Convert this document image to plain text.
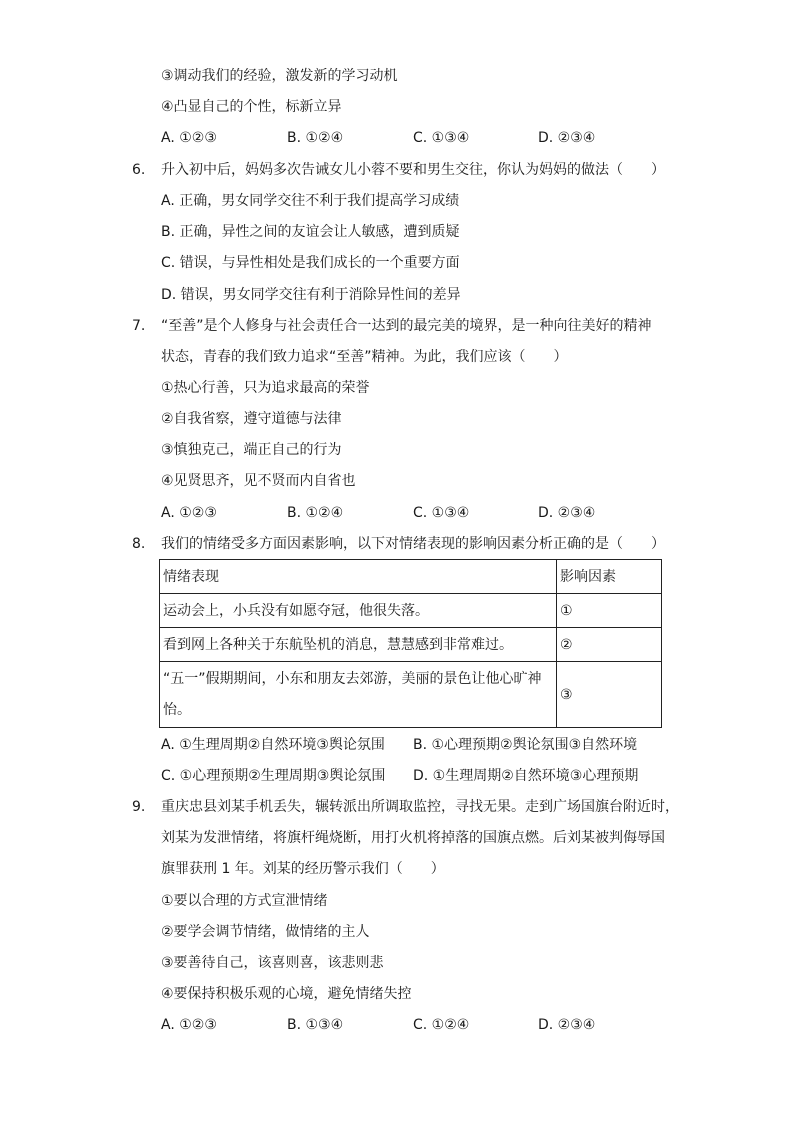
③调动我们的经验，激发新的学习动机
④凸显自己的个性，标新立异
A. ①②③	B. ①②④	C. ①③④	D. ②③④
6. 升入初中后，妈妈多次告诫女儿小蓉不要和男生交往，你认为妈妈的做法（　　）
A. 正确，男女同学交往不利于我们提高学习成绩
B. 正确，异性之间的友谊会让人敏感，遭到质疑
C. 错误，与异性相处是我们成长的一个重要方面
D. 错误，男女同学交往有利于消除异性间的差异
7. “至善”是个人修身与社会责任合一达到的最完美的境界，是一种向往美好的精神
状态，青春的我们致力追求“至善”精神。为此，我们应该（　　）
①热心行善，只为追求最高的荣誉
②自我省察，遵守道德与法律
③慎独克己，端正自己的行为
④见贤思齐，见不贤而内自省也
A. ①②③	B. ①②④	C. ①③④	D. ②③④
8. 我们的情绪受多方面因素影响，以下对情绪表现的影响因素分析正确的是（　　）
情绪表现	影响因素
运动会上，小兵没有如愿夺冠，他很失落。	①
看到网上各种关于东航坠机的消息，慧慧感到非常难过。	②
“五一”假期期间，小东和朋友去郊游，美丽的景色让他心旷神怡。	③
A. ①生理周期②自然环境③舆论氛围 B. ①心理预期②舆论氛围③自然环境
C. ①心理预期②生理周期③舆论氛围 D. ①生理周期②自然环境③心理预期
9. 重庆忠县刘某手机丢失，辗转派出所调取监控，寻找无果。走到广场国旗台附近时，
刘某为发泄情绪，将旗杆绳烧断，用打火机将掉落的国旗点燃。后刘某被判侮辱国
旗罪获刑 1 年。刘某的经历警示我们（　　）
①要以合理的方式宣泄情绪
②要学会调节情绪，做情绪的主人
③要善待自己，该喜则喜，该悲则悲
④要保持积极乐观的心境，避免情绪失控
A. ①②③	B. ①③④	C. ①②④	D. ②③④
